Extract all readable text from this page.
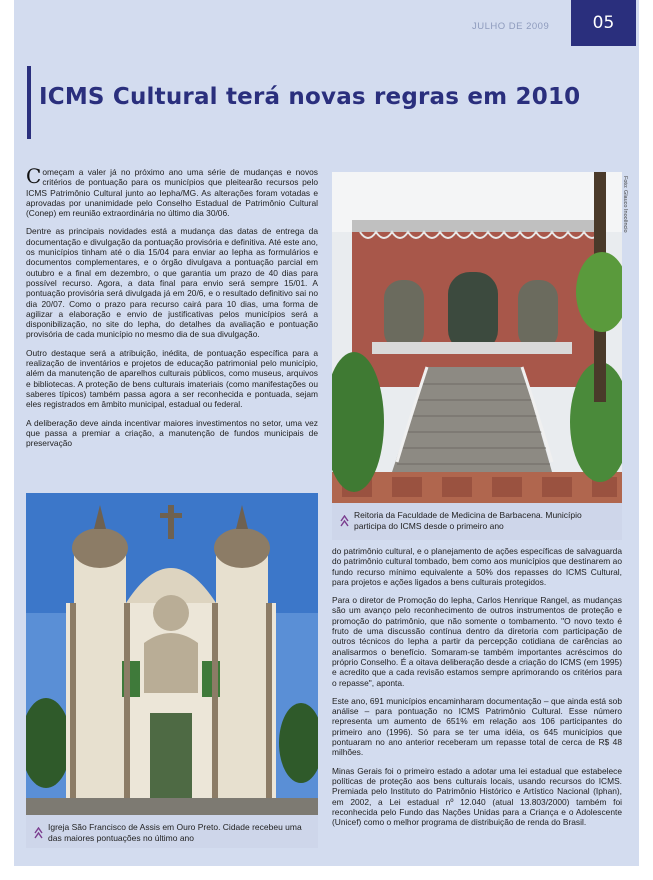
JULHO DE 2009	05
ICMS Cultural terá novas regras em 2010

Começam a valer já no próximo ano uma série de mudanças e novos critérios de pontuação para os municípios que pleitearão recursos pelo ICMS Patrimônio Cultural junto ao Iepha/MG. As alterações foram votadas e aprovadas por unanimidade pelo Conselho Estadual de Patrimônio Cultural (Conep) em reunião extraordinária no último dia 30/06.

Dentre as principais novidades está a mudança das datas de entrega da documentação e divulgação da pontuação provisória e definitiva. Até este ano, os municípios tinham até o dia 15/04 para enviar ao Iepha as formulários e documentos complementares, e o órgão divulgava a pontuação parcial em outubro e a final em dezembro, o que garantia um prazo de 40 dias para possível recurso. Agora, a data final para envio será sempre 15/01. A pontuação provisória será divulgada já em 20/6, e o resultado definitivo sai no dia 20/07. Como o prazo para recurso cairá para 10 dias, uma forma de agilizar a elaboração e envio de justificativas pelos municípios será a disponibilização, no site do Iepha, do detalhes da avaliação e pontuação provisória de cada município no mesmo dia de sua divulgação.

Outro destaque será a atribuição, inédita, de pontuação específica para a realização de inventários e projetos de educação patrimonial pelo município, além da manutenção de aparelhos culturais públicos, como museus, arquivos e bibliotecas. A proteção de bens culturais imateriais (como manifestações ou saberes típicos) também passa agora a ser reconhecida e pontuada, sejam eles registrados em âmbito municipal, estadual ou federal.

A deliberação deve ainda incentivar maiores investimentos no setor, uma vez que passa a premiar a criação, a manutenção de fundos municipais de preservação

Reitoria da Faculdade de Medicina de Barbacena. Município participa do ICMS desde o primeiro ano
Foto: Glauco Inocêncio
Igreja São Francisco de Assis em Ouro Preto. Cidade recebeu uma das maiores pontuações no último ano

do patrimônio cultural, e o planejamento de ações específicas de salvaguarda do patrimônio cultural tombado, bem como aos municípios que destinarem ao fundo recurso mínimo equivalente a 50% dos repasses do ICMS Cultural, para projetos e ações ligados a bens culturais protegidos.

Para o diretor de Promoção do Iepha, Carlos Henrique Rangel, as mudanças são um avanço pelo reconhecimento de outros instrumentos de proteção e promoção do patrimônio, que não somente o tombamento. "O novo texto é fruto de uma discussão contínua dentro da diretoria com participação de outros técnicos do Iepha a partir da percepção cotidiana de carências ao analisarmos o benefício. Somaram-se também importantes acréscimos do próprio Conselho. É a oitava deliberação desde a criação do ICMS (em 1995) e acredito que a cada revisão estamos sempre aprimorando os critérios para o repasse", aponta.

Este ano, 691 municípios encaminharam documentação – que ainda está sob análise – para pontuação no ICMS Patrimônio Cultural. Esse número representa um aumento de 651% em relação aos 106 participantes do primeiro ano (1996). Só para se ter uma idéia, os 645 municípios que pontuaram no ano anterior receberam um repasse total de cerca de R$ 48 milhões.

Minas Gerais foi o primeiro estado a adotar uma lei estadual que estabelece políticas de proteção aos bens culturais locais, usando recursos do ICMS. Premiada pelo Instituto do Patrimônio Histórico e Artístico Nacional (Iphan), em 2002, a Lei estadual nº 12.040 (atual 13.803/2000) também foi reconhecida pelo Fundo das Nações Unidas para a Criança e o Adolescente (Unicef) como o melhor programa de distribuição de renda do Brasil.
